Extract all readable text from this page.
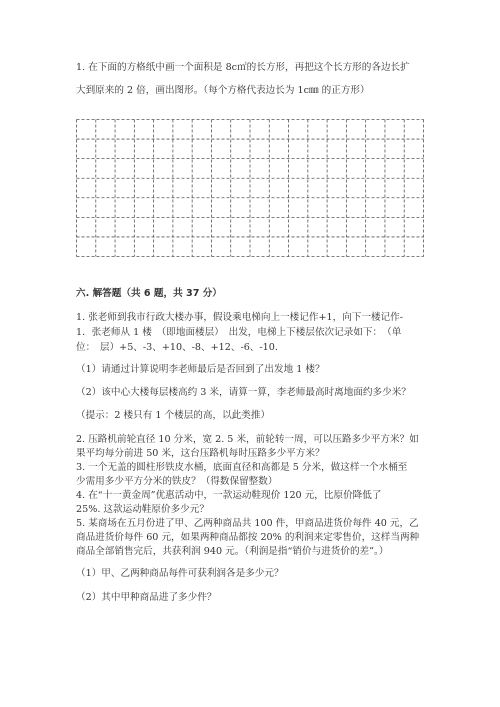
1. 在下面的方格纸中画一个面积是 8c㎡的长方形，再把这个长方形的各边长扩
大到原来的 2 倍，画出图形。（每个方格代表边长为 1c㎜ 的正方形）
六. 解答题（共 6 题，共 37 分）
1. 张老师到我市行政大楼办事，假设乘电梯向上一楼记作+1，向下一楼记作-
1．张老师从 1 楼　（即地面楼层）　出发，电梯上下楼层依次记录如下：　（单
位：　层）+5、-3、+10、-8、+12、-6、-10.
（1）请通过计算说明李老师最后是否回到了出发地 1 楼？
（2）该中心大楼每层楼高约 3 米，请算一算，李老师最高时离地面约多少米？
（提示：2 楼只有 1 个楼层的高，以此类推）
2. 压路机前轮直径 10 分米，宽 2. 5 米，前轮转一周，可以压路多少平方米？如
果平均每分前进 50 米，这台压路机每时压路多少平方米？
3. 一个无盖的圆柱形铁皮水桶，底面直径和高都是 5 分米，做这样一个水桶至
少需用多少平方分米的铁皮？（得数保留整数）
4. 在“十一黄金周”优惠活动中，一款运动鞋现价 120 元，比原价降低了
25%. 这款运动鞋原价多少元？
5. 某商场在五月份进了甲、乙两种商品共 100 件，甲商品进货价每件 40 元，乙
商品进货价每件 60 元，如果两种商品都按 20% 的利润来定零售价，这样当两种
商品全部销售完后，共获利润 940 元。（利润是指“销价与进货价的差”。）
（1）甲、乙两种商品每件可获利润各是多少元？
（2）其中甲种商品进了多少件？
